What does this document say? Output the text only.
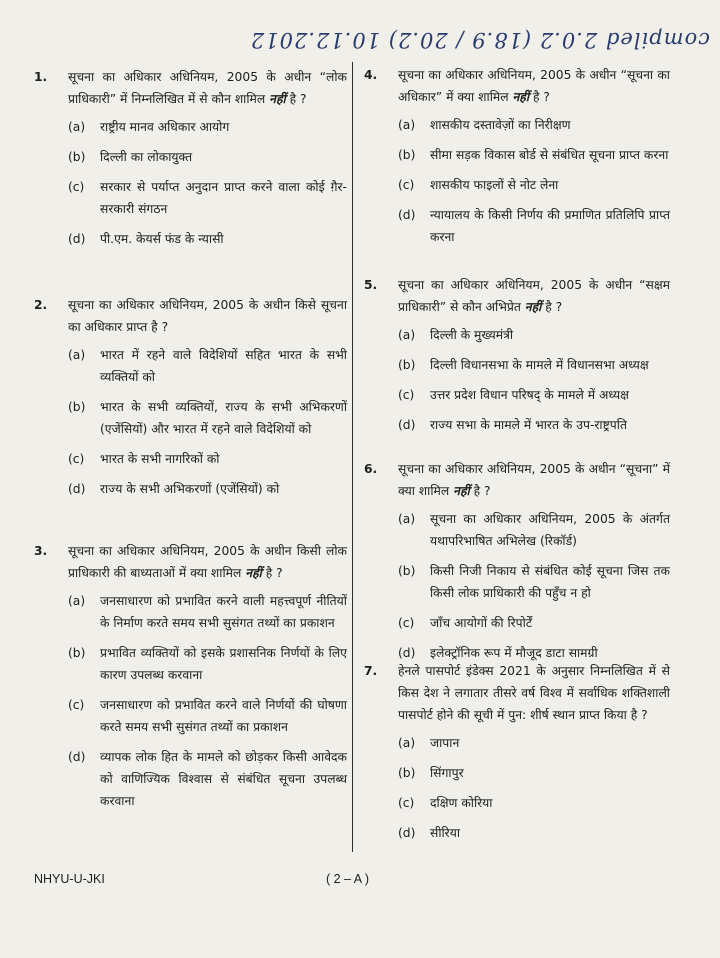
compiled 2.0.2 (18.9 / 20.2) 10.12.2012
1. सूचना का अधिकार अधिनियम, 2005 के अधीन “लोक प्राधिकारी” में निम्नलिखित में से कौन शामिल नहीं है ?
(a)	राष्ट्रीय मानव अधिकार आयोग
(b)	दिल्ली का लोकायुक्त
(c)	सरकार से पर्याप्त अनुदान प्राप्त करने वाला कोई ग़ैर-सरकारी संगठन
(d)	पी.एम. केयर्स फंड के न्यासी
2. सूचना का अधिकार अधिनियम, 2005 के अधीन किसे सूचना का अधिकार प्राप्त है ?
(a)	भारत में रहने वाले विदेशियों सहित भारत के सभी व्यक्तियों को
(b)	भारत के सभी व्यक्तियों, राज्य के सभी अभिकरणों (एजेंसियों) और भारत में रहने वाले विदेशियों को
(c)	भारत के सभी नागरिकों को
(d)	राज्य के सभी अभिकरणों (एजेंसियों) को
3. सूचना का अधिकार अधिनियम, 2005 के अधीन किसी लोक प्राधिकारी की बाध्यताओं में क्या शामिल नहीं है ?
(a)	जनसाधारण को प्रभावित करने वाली महत्त्वपूर्ण नीतियों के निर्माण करते समय सभी सुसंगत तथ्यों का प्रकाशन
(b)	प्रभावित व्यक्तियों को इसके प्रशासनिक निर्णयों के लिए कारण उपलब्ध करवाना
(c)	जनसाधारण को प्रभावित करने वाले निर्णयों की घोषणा करते समय सभी सुसंगत तथ्यों का प्रकाशन
(d)	व्यापक लोक हित के मामले को छोड़कर किसी आवेदक को वाणिज्यिक विश्वास से संबंधित सूचना उपलब्ध करवाना
4. सूचना का अधिकार अधिनियम, 2005 के अधीन “सूचना का अधिकार” में क्या शामिल नहीं है ?
(a)	शासकीय दस्तावेज़ों का निरीक्षण
(b)	सीमा सड़क विकास बोर्ड से संबंधित सूचना प्राप्त करना
(c)	शासकीय फाइलों से नोट लेना
(d)	न्यायालय के किसी निर्णय की प्रमाणित प्रतिलिपि प्राप्त करना
5. सूचना का अधिकार अधिनियम, 2005 के अधीन “सक्षम प्राधिकारी” से कौन अभिप्रेत नहीं है ?
(a)	दिल्ली के मुख्यमंत्री
(b)	दिल्ली विधानसभा के मामले में विधानसभा अध्यक्ष
(c)	उत्तर प्रदेश विधान परिषद् के मामले में अध्यक्ष
(d)	राज्य सभा के मामले में भारत के उप-राष्ट्रपति
6. सूचना का अधिकार अधिनियम, 2005 के अधीन “सूचना” में क्या शामिल नहीं है ?
(a)	सूचना का अधिकार अधिनियम, 2005 के अंतर्गत यथापरिभाषित अभिलेख (रिकॉर्ड)
(b)	किसी निजी निकाय से संबंधित कोई सूचना जिस तक किसी लोक प्राधिकारी की पहुँच न हो
(c)	जाँच आयोगों की रिपोर्टें
(d)	इलेक्ट्रॉनिक रूप में मौजूद डाटा सामग्री
7. हेनले पासपोर्ट इंडेक्स 2021 के अनुसार निम्नलिखित में से किस देश ने लगातार तीसरे वर्ष विश्व में सर्वाधिक शक्तिशाली पासपोर्ट होने की सूची में पुन: शीर्ष स्थान प्राप्त किया है ?
(a)	जापान
(b)	सिंगापुर
(c)	दक्षिण कोरिया
(d)	सीरिया
NHYU-U-JKI	( 2 – A )
